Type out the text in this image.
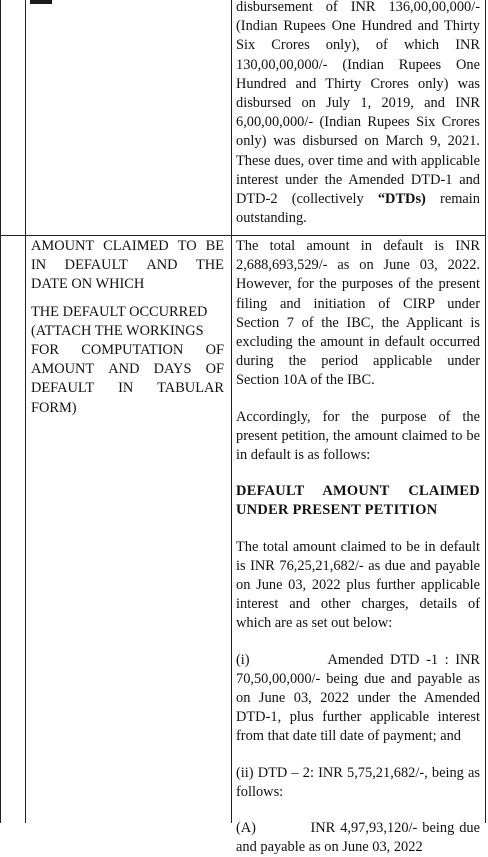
disbursement of INR 136,00,00,000/- (Indian Rupees One Hundred and Thirty Six Crores only), of which INR 130,00,00,000/- (Indian Rupees One Hundred and Thirty Crores only) was disbursed on July 1, 2019, and INR 6,00,00,000/- (Indian Rupees Six Crores only) was disbursed on March 9, 2021. These dues, over time and with applicable interest under the Amended DTD-1 and DTD-2 (collectively “DTDs) remain outstanding.

AMOUNT CLAIMED TO BE
IN DEFAULT AND THE
DATE ON WHICH
THE DEFAULT OCCURRED
(ATTACH THE WORKINGS
FOR COMPUTATION OF
AMOUNT AND DAYS OF
DEFAULT IN TABULAR
FORM)

The total amount in default is INR 2,688,693,529/- as on June 03, 2022. However, for the purposes of the present filing and initiation of CIRP under Section 7 of the IBC, the Applicant is excluding the amount in default occurred during the period applicable under Section 10A of the IBC.

Accordingly, for the purpose of the present petition, the amount claimed to be in default is as follows:

DEFAULT AMOUNT CLAIMED UNDER PRESENT PETITION

The total amount claimed to be in default is INR 76,25,21,682/- as due and payable on June 03, 2022 plus further applicable interest and other charges, details of which are as set out below:

(i)            Amended DTD -1 : INR 70,50,00,000/- being due and payable as on June 03, 2022 under the Amended DTD-1, plus further applicable interest from that date till date of payment; and

(ii) DTD – 2: INR 5,75,21,682/-, being as follows:

(A)           INR 4,97,93,120/- being due and payable as on June 03, 2022
